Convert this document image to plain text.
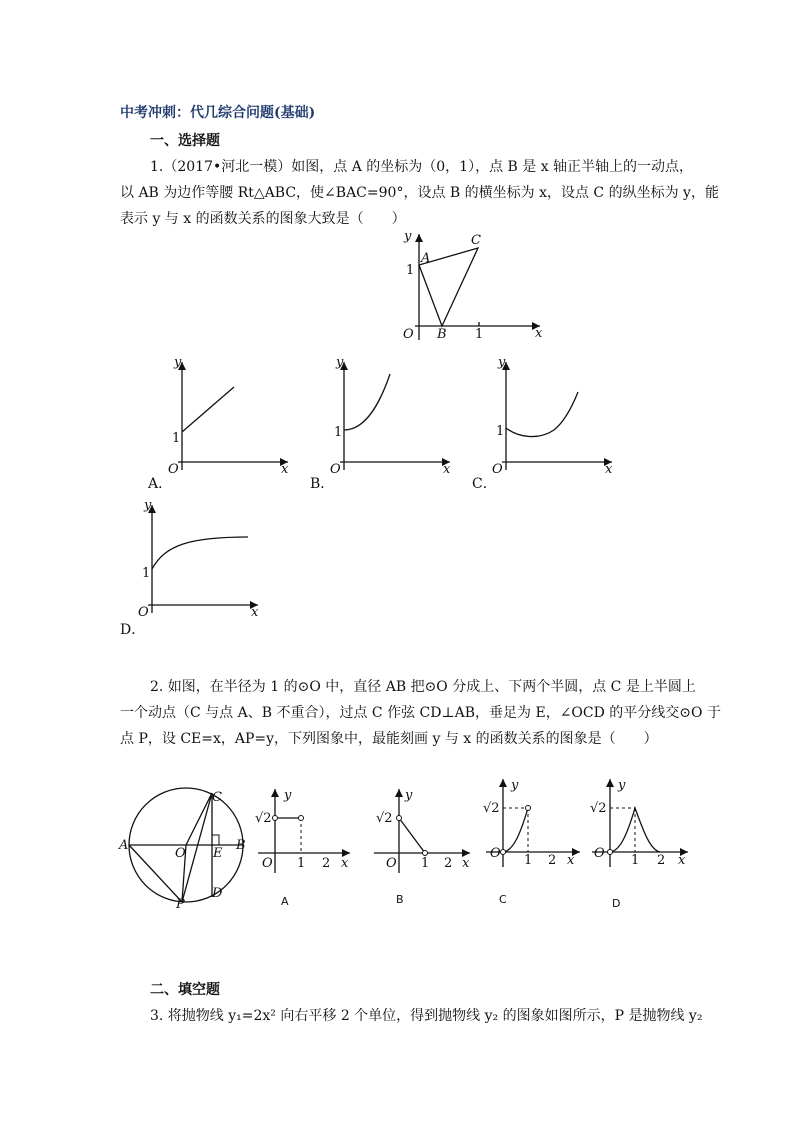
中考冲刺：代几综合问题(基础)
一、选择题
1.（2017•河北一模）如图，点 A 的坐标为（0，1），点 B 是 x 轴正半轴上的一动点，
以 AB 为边作等腰 Rt△ABC，使∠BAC=90°，设点 B 的横坐标为 x，设点 C 的纵坐标为 y，能
表示 y 与 x 的函数关系的图象大致是（　　）
y
x
O
1
1
A
B
C
y
x
O
1
A．
y
x
O
1
B．
y
x
O
1
C．
y
x
O
1
D．
2. 如图，在半径为 1 的⊙O 中，直径 AB 把⊙O 分成上、下两个半圆，点 C 是上半圆上
一个动点（C 与点 A、B 不重合），过点 C 作弦 CD⊥AB，垂足为 E，∠OCD 的平分线交⊙O 于
点 P，设 CE=x，AP=y，下列图象中，最能刻画 y 与 x 的函数关系的图象是（　　）
A	B
C
D
E
O
P
y
x
O
√2
1 2
A
y
x
O
√2
1 2
B
y
x
O
√2
1 2
C
y
x
O
√2
1 2
D
二、填空题
3. 将抛物线 y₁=2x² 向右平移 2 个单位，得到抛物线 y₂ 的图象如图所示，P 是抛物线 y₂
